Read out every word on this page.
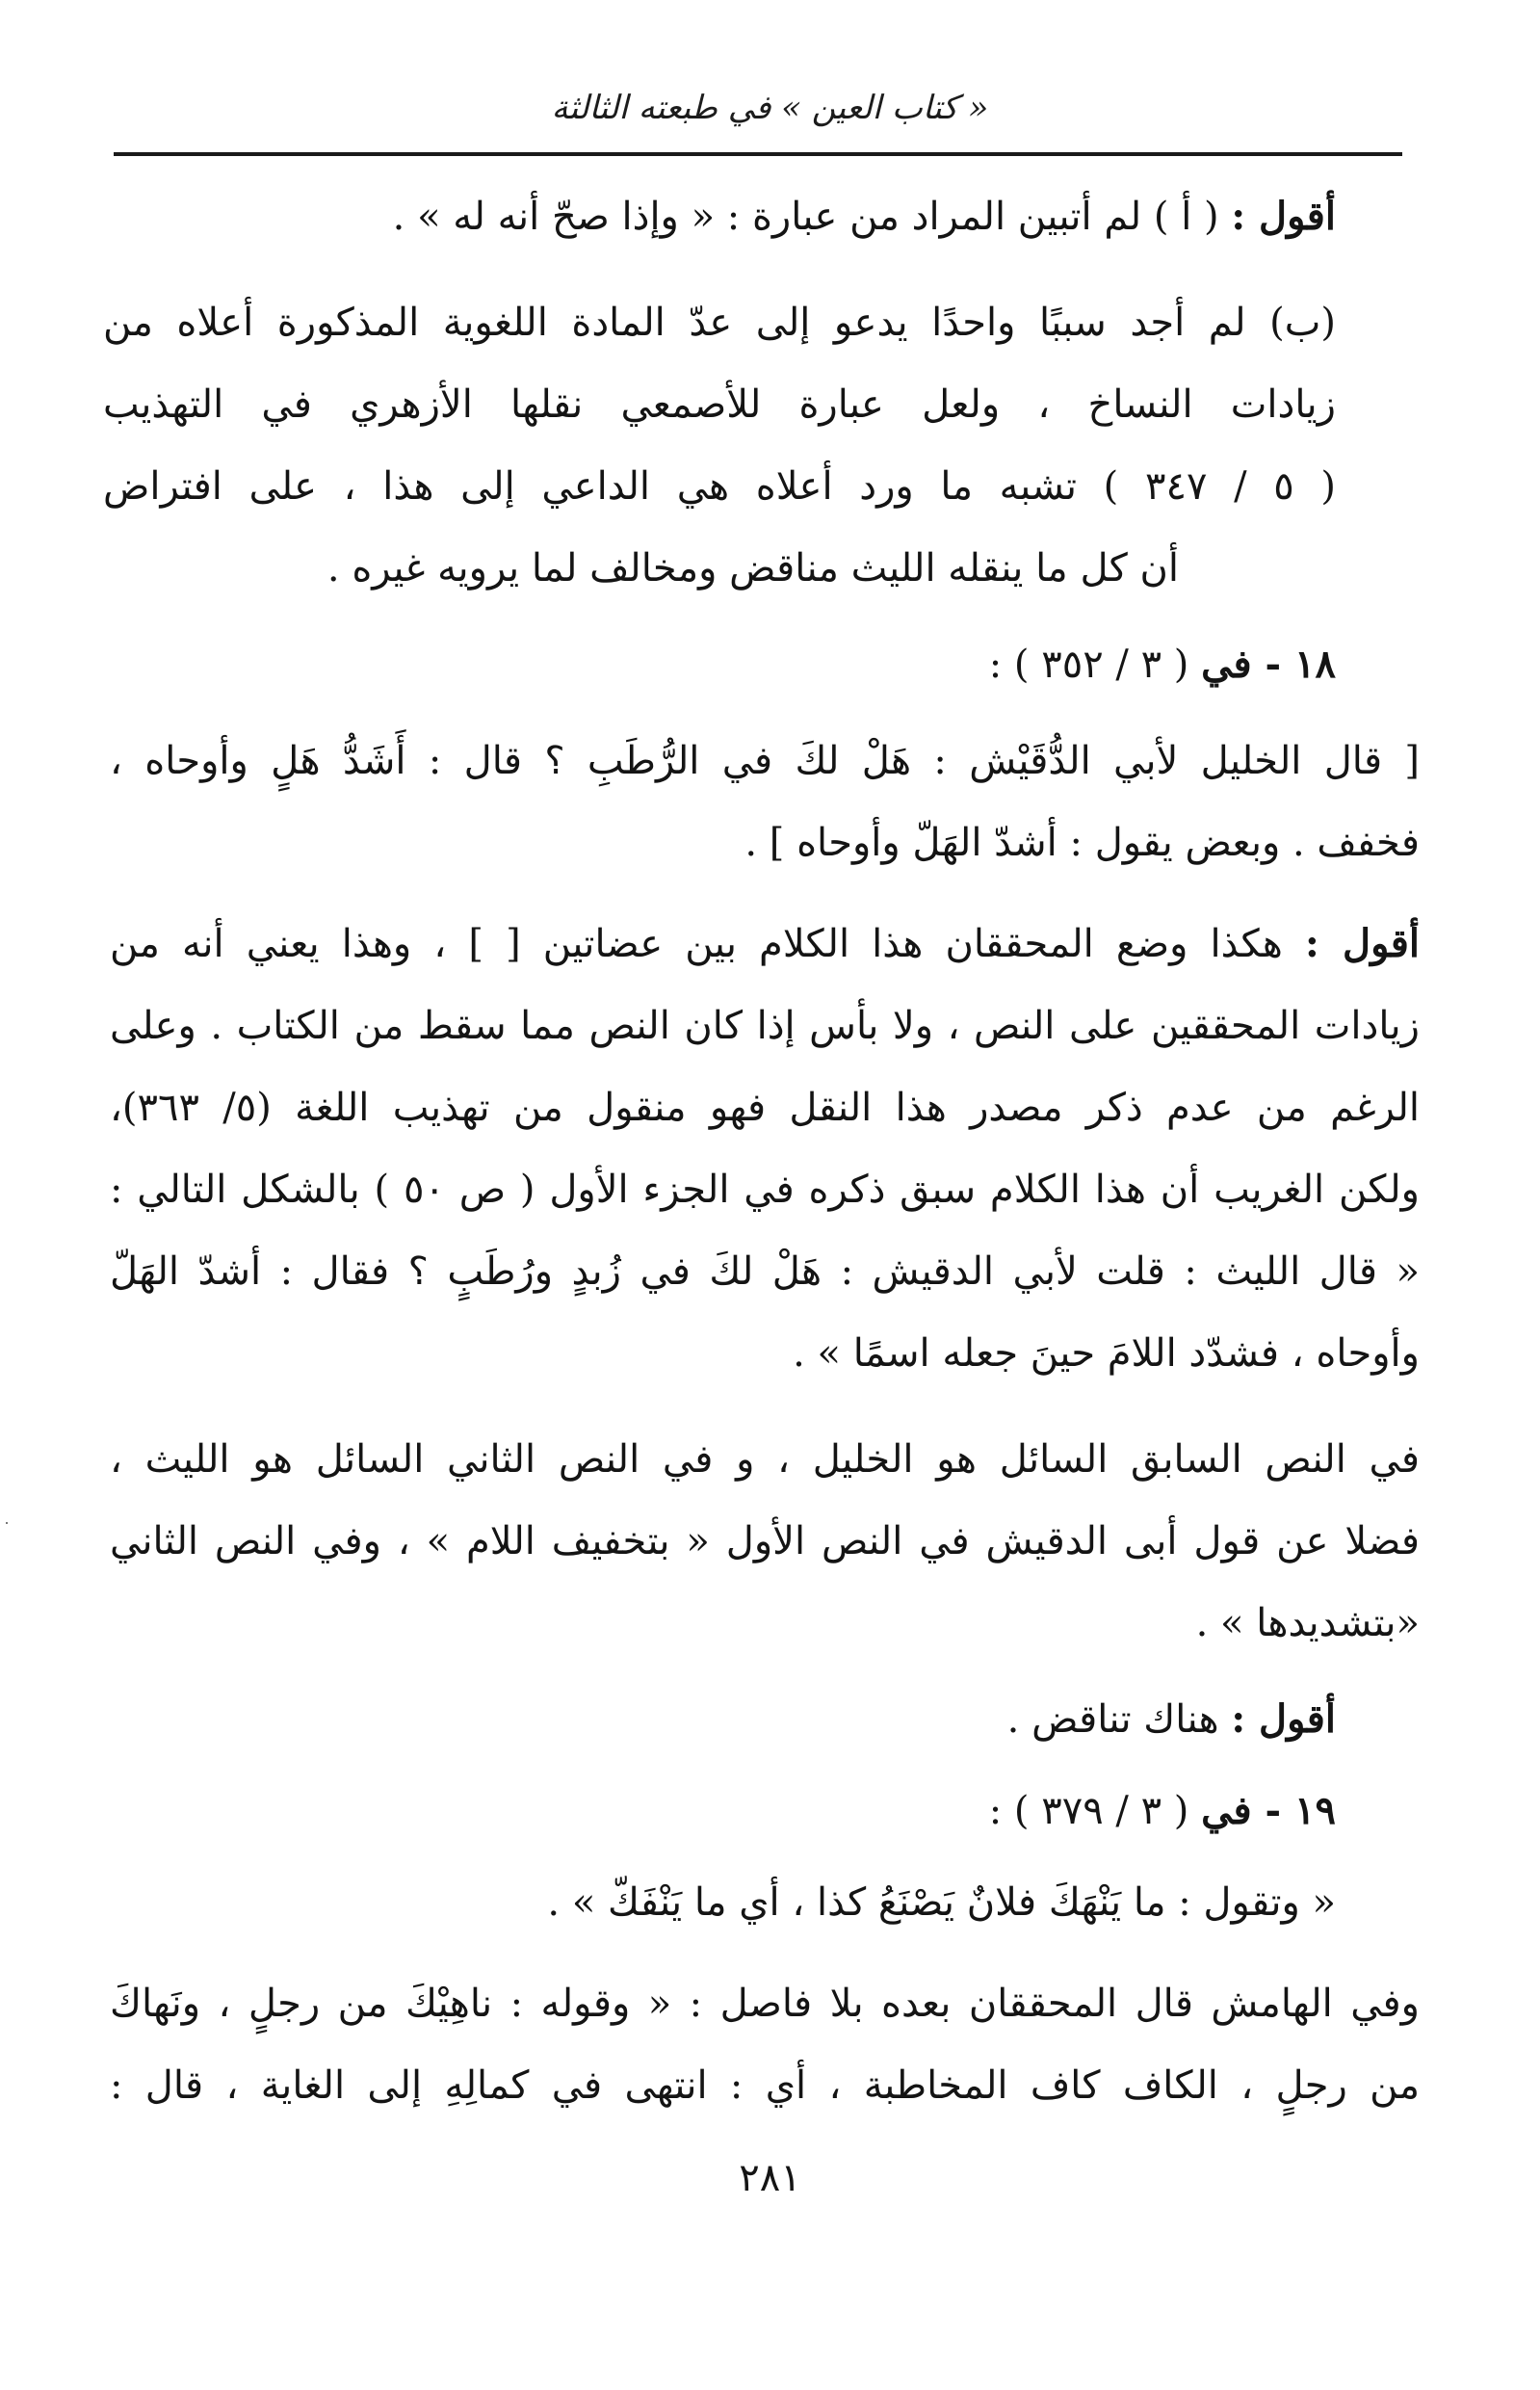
« كتاب العين » في طبعته الثالثة
أقول : ( أ ) لم أتبين المراد من عبارة : « وإذا صحّ أنه له » .
(ب) لم أجد سببًا واحدًا يدعو إلى عدّ المادة اللغوية المذكورة أعلاه من
زيادات النساخ ، ولعل عبارة للأصمعي نقلها الأزهري في التهذيب
( ٥ / ٣٤٧ ) تشبه ما ورد أعلاه هي الداعي إلى هذا ، على افتراض
أن كل ما ينقله الليث مناقض ومخالف لما يرويه غيره .
١٨ - في ( ٣ / ٣٥٢ ) :
[ قال الخليل لأبي الدُّقَيْش : هَلْ لكَ في الرُّطَبِ ؟ قال : أَشَدُّ هَلٍ وأوحاه ،
فخفف . وبعض يقول : أشدّ الهَلّ وأوحاه ] .
أقول : هكذا وضع المحققان هذا الكلام بين عضاتين [ ] ، وهذا يعني أنه من
زيادات المحققين على النص ، ولا بأس إذا كان النص مما سقط من الكتاب . وعلى
الرغم من عدم ذكر مصدر هذا النقل فهو منقول من تهذيب اللغة (٥/ ٣٦٣)،
ولكن الغريب أن هذا الكلام سبق ذكره في الجزء الأول ( ص ٥٠ ) بالشكل التالي :
« قال الليث : قلت لأبي الدقيش : هَلْ لكَ في زُبدٍ ورُطَبٍ ؟ فقال : أشدّ الهَلّ
وأوحاه ، فشدّد اللامَ حينَ جعله اسمًا » .
في النص السابق السائل هو الخليل ، و في النص الثاني السائل هو الليث ،
فضلا عن قول أبى الدقيش في النص الأول « بتخفيف اللام » ، وفي النص الثاني
«بتشديدها » .
أقول : هناك تناقض .
١٩ - في ( ٣ / ٣٧٩ ) :
« وتقول : ما يَنْهَكَ فلانٌ يَصْنَعُ كذا ، أي ما يَنْفَكّ » .
وفي الهامش قال المحققان بعده بلا فاصل : « وقوله : ناهِيْكَ من رجلٍ ، ونَهاكَ
من رجلٍ ، الكاف كاف المخاطبة ، أي : انتهى في كمالِهِ إلى الغاية ، قال :
٢٨١
